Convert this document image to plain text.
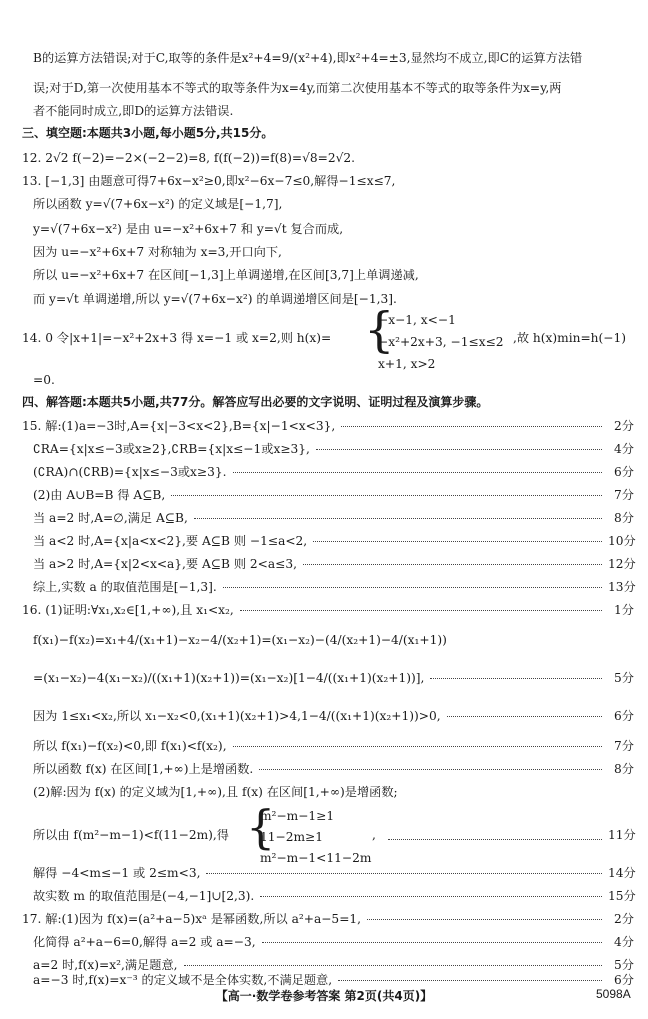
B的运算方法错误;对于C,取等的条件是x²+4=9/(x²+4),即x²+4=±3,显然均不成立,即C的运算方法错
误;对于D,第一次使用基本不等式的取等条件为x=4y,而第二次使用基本不等式的取等条件为x=y,两
者不能同时成立,即D的运算方法错误.
三、填空题:本题共3小题,每小题5分,共15分。
12. 2√2 f(−2)=−2×(−2−2)=8, f(f(−2))=f(8)=√8=2√2.
13. [−1,3] 由题意可得7+6x−x²≥0,即x²−6x−7≤0,解得−1≤x≤7,
所以函数 y=√(7+6x−x²) 的定义域是[−1,7],
y=√(7+6x−x²) 是由 u=−x²+6x+7 和 y=√t 复合而成,
因为 u=−x²+6x+7 对称轴为 x=3,开口向下,
所以 u=−x²+6x+7 在区间[−1,3]上单调递增,在区间[3,7]上单调递减,
而 y=√t 单调递增,所以 y=√(7+6x−x²) 的单调递增区间是[−1,3].
14. 0 令|x+1|=−x²+2x+3 得 x=−1 或 x=2,则 h(x)= {
−x−1, x<−1
−x²+2x+3, −1≤x≤2
x+1, x>2
,故 h(x)min=h(−1)
=0.
四、解答题:本题共5小题,共77分。解答应写出必要的文字说明、证明过程及演算步骤。
15. 解:(1)a=−3时,A={x|−3<x<2},B={x|−1<x<3},	2分
∁RA={x|x≤−3或x≥2},∁RB={x|x≤−1或x≥3},	4分
(∁RA)∩(∁RB)={x|x≤−3或x≥3}.	6分
(2)由 A∪B=B 得 A⊆B,	7分
当 a=2 时,A=∅,满足 A⊆B,	8分
当 a<2 时,A={x|a<x<2},要 A⊆B 则 −1≤a<2,	10分
当 a>2 时,A={x|2<x<a},要 A⊆B 则 2<a≤3,	12分
综上,实数 a 的取值范围是[−1,3].	13分
16. (1)证明:∀x₁,x₂∈[1,+∞),且 x₁<x₂,	1分
f(x₁)−f(x₂)=x₁+4/(x₁+1)−x₂−4/(x₂+1)=(x₁−x₂)−(4/(x₂+1)−4/(x₁+1))
=(x₁−x₂)−4(x₁−x₂)/((x₁+1)(x₂+1))=(x₁−x₂)[1−4/((x₁+1)(x₂+1))],	5分
因为 1≤x₁<x₂,所以 x₁−x₂<0,(x₁+1)(x₂+1)>4,1−4/((x₁+1)(x₂+1))>0,	6分
所以 f(x₁)−f(x₂)<0,即 f(x₁)<f(x₂),	7分
所以函数 f(x) 在区间[1,+∞)上是增函数.	8分
(2)解:因为 f(x) 的定义域为[1,+∞),且 f(x) 在区间[1,+∞)是增函数;
所以由 f(m²−m−1)<f(11−2m),得 {
m²−m−1≥1
11−2m≥1
m²−m−1<11−2m
,	11分
解得 −4<m≤−1 或 2≤m<3,	14分
故实数 m 的取值范围是(−4,−1]∪[2,3).	15分
17. 解:(1)因为 f(x)=(a²+a−5)xᵃ 是幂函数,所以 a²+a−5=1,	2分
化简得 a²+a−6=0,解得 a=2 或 a=−3,	4分
a=2 时,f(x)=x²,满足题意,	5分
a=−3 时,f(x)=x⁻³ 的定义域不是全体实数,不满足题意,	6分
【高一·数学卷参考答案 第2页(共4页)】	5098A
